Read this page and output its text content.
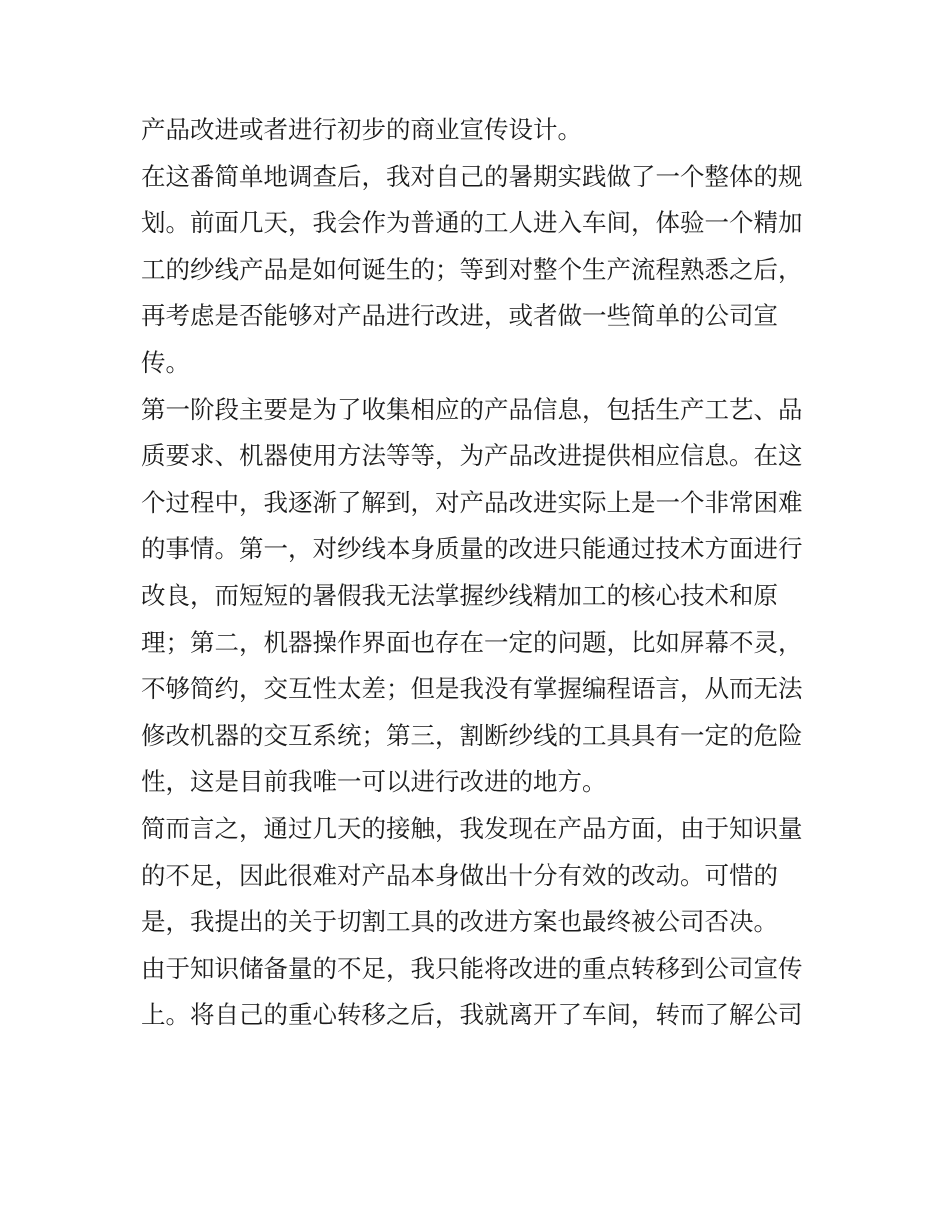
产品改进或者进行初步的商业宣传设计。
在这番简单地调查后，我对自己的暑期实践做了一个整体的规
划。前面几天，我会作为普通的工人进入车间，体验一个精加
工的纱线产品是如何诞生的；等到对整个生产流程熟悉之后，
再考虑是否能够对产品进行改进，或者做一些简单的公司宣
传。
第一阶段主要是为了收集相应的产品信息，包括生产工艺、品
质要求、机器使用方法等等，为产品改进提供相应信息。在这
个过程中，我逐渐了解到，对产品改进实际上是一个非常困难
的事情。第一，对纱线本身质量的改进只能通过技术方面进行
改良，而短短的暑假我无法掌握纱线精加工的核心技术和原
理；第二，机器操作界面也存在一定的问题，比如屏幕不灵，
不够简约，交互性太差；但是我没有掌握编程语言，从而无法
修改机器的交互系统；第三，割断纱线的工具具有一定的危险
性，这是目前我唯一可以进行改进的地方。
简而言之，通过几天的接触，我发现在产品方面，由于知识量
的不足，因此很难对产品本身做出十分有效的改动。可惜的
是，我提出的关于切割工具的改进方案也最终被公司否决。
由于知识储备量的不足，我只能将改进的重点转移到公司宣传
上。将自己的重心转移之后，我就离开了车间，转而了解公司
